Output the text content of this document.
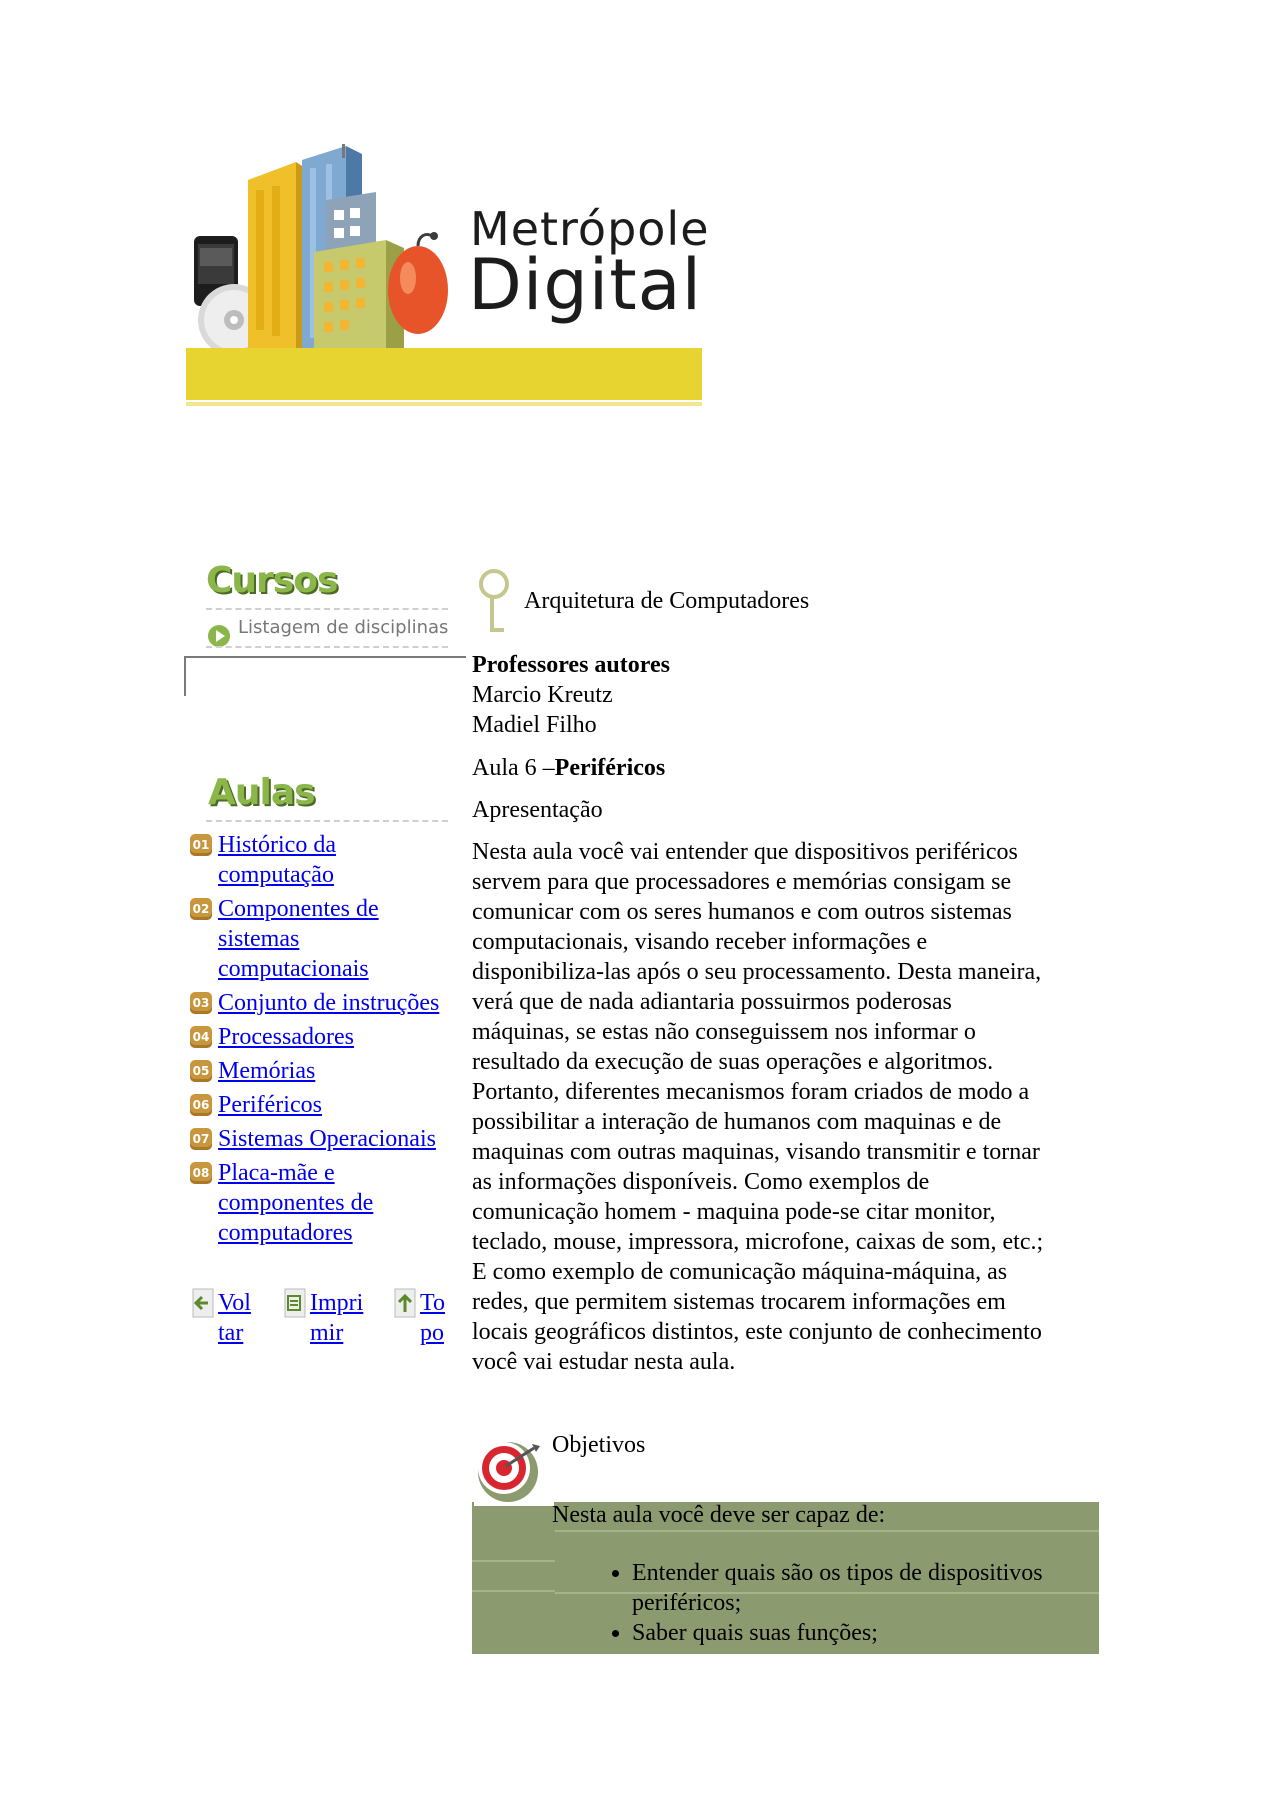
Metrópole
Digital
Cursos
Listagem de disciplinas
Aulas
01 Histórico da computação
02 Componentes de sistemas computacionais
03 Conjunto de instruções
04 Processadores
05 Memórias
06 Periféricos
07 Sistemas Operacionais
08 Placa-mãe e componentes de computadores
Vol
tar
Impri
mir
To
po
Arquitetura de Computadores
Professores autores
Marcio Kreutz
Madiel Filho
Aula 6 –Periféricos
Apresentação
Nesta aula você vai entender que dispositivos periféricos
servem para que processadores e memórias consigam se
comunicar com os seres humanos e com outros sistemas
computacionais, visando receber informações e
disponibiliza-las após o seu processamento. Desta maneira,
verá que de nada adiantaria possuirmos poderosas
máquinas, se estas não conseguissem nos informar o
resultado da execução de suas operações e algoritmos.
Portanto, diferentes mecanismos foram criados de modo a
possibilitar a interação de humanos com maquinas e de
maquinas com outras maquinas, visando transmitir e tornar
as informações disponíveis. Como exemplos de
comunicação homem - maquina pode-se citar monitor,
teclado, mouse, impressora, microfone, caixas de som, etc.;
E como exemplo de comunicação máquina-máquina, as
redes, que permitem sistemas trocarem informações em
locais geográficos distintos, este conjunto de conhecimento
você vai estudar nesta aula.
Objetivos
Nesta aula você deve ser capaz de:
• Entender quais são os tipos de dispositivos
periféricos;
• Saber quais suas funções;
